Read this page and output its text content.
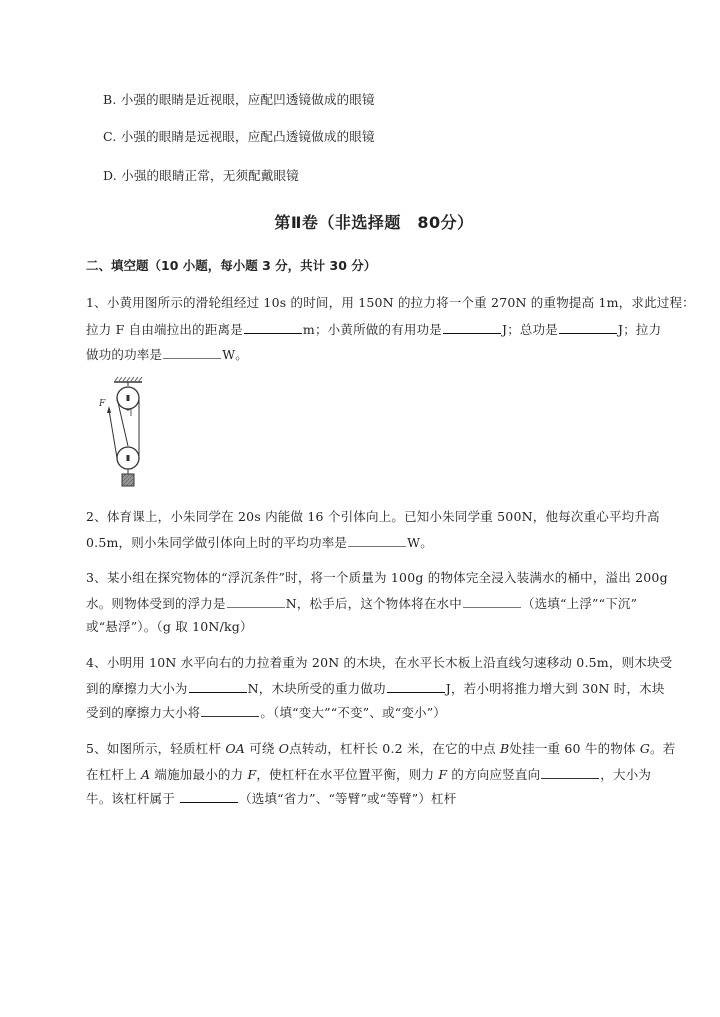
B. 小强的眼睛是近视眼，应配凹透镜做成的眼镜
C. 小强的眼睛是远视眼，应配凸透镜做成的眼镜
D. 小强的眼睛正常，无须配戴眼镜
第Ⅱ卷（非选择题　80分）
二、填空题（10 小题，每小题 3 分，共计 30 分）
1、小黄用图所示的滑轮组经过 10s 的时间，用 150N 的拉力将一个重 270N 的重物提高 1m，求此过程：
拉力 F 自由端拉出的距离是	m；小黄所做的有用功是	J；总功是	J；拉力
做功的功率是	W。
F
2、体育课上，小朱同学在 20s 内能做 16 个引体向上。已知小朱同学重 500N，他每次重心平均升高
0.5m，则小朱同学做引体向上时的平均功率是	W。
3、某小组在探究物体的“浮沉条件”时，将一个质量为 100g 的物体完全浸入装满水的桶中，溢出 200g
水。则物体受到的浮力是	N，松手后，这个物体将在水中	（选填“上浮”“下沉”
或“悬浮”）。（g 取 10N/kg）
4、小明用 10N 水平向右的力拉着重为 20N 的木块，在水平长木板上沿直线匀速移动 0.5m，则木块受
到的摩擦力大小为	N，木块所受的重力做功	J，若小明将推力增大到 30N 时，木块
受到的摩擦力大小将	。（填“变大”“不变”、或“变小”）
5、如图所示，轻质杠杆 OA 可绕 O点转动，杠杆长 0.2 米，在它的中点 B处挂一重 60 牛的物体 G。若
在杠杆上 A 端施加最小的力 F，使杠杆在水平位置平衡，则力 F 的方向应竖直向	，大小为
牛。该杠杆属于	（选填“省力”、“等臂”或“等臂”）杠杆
